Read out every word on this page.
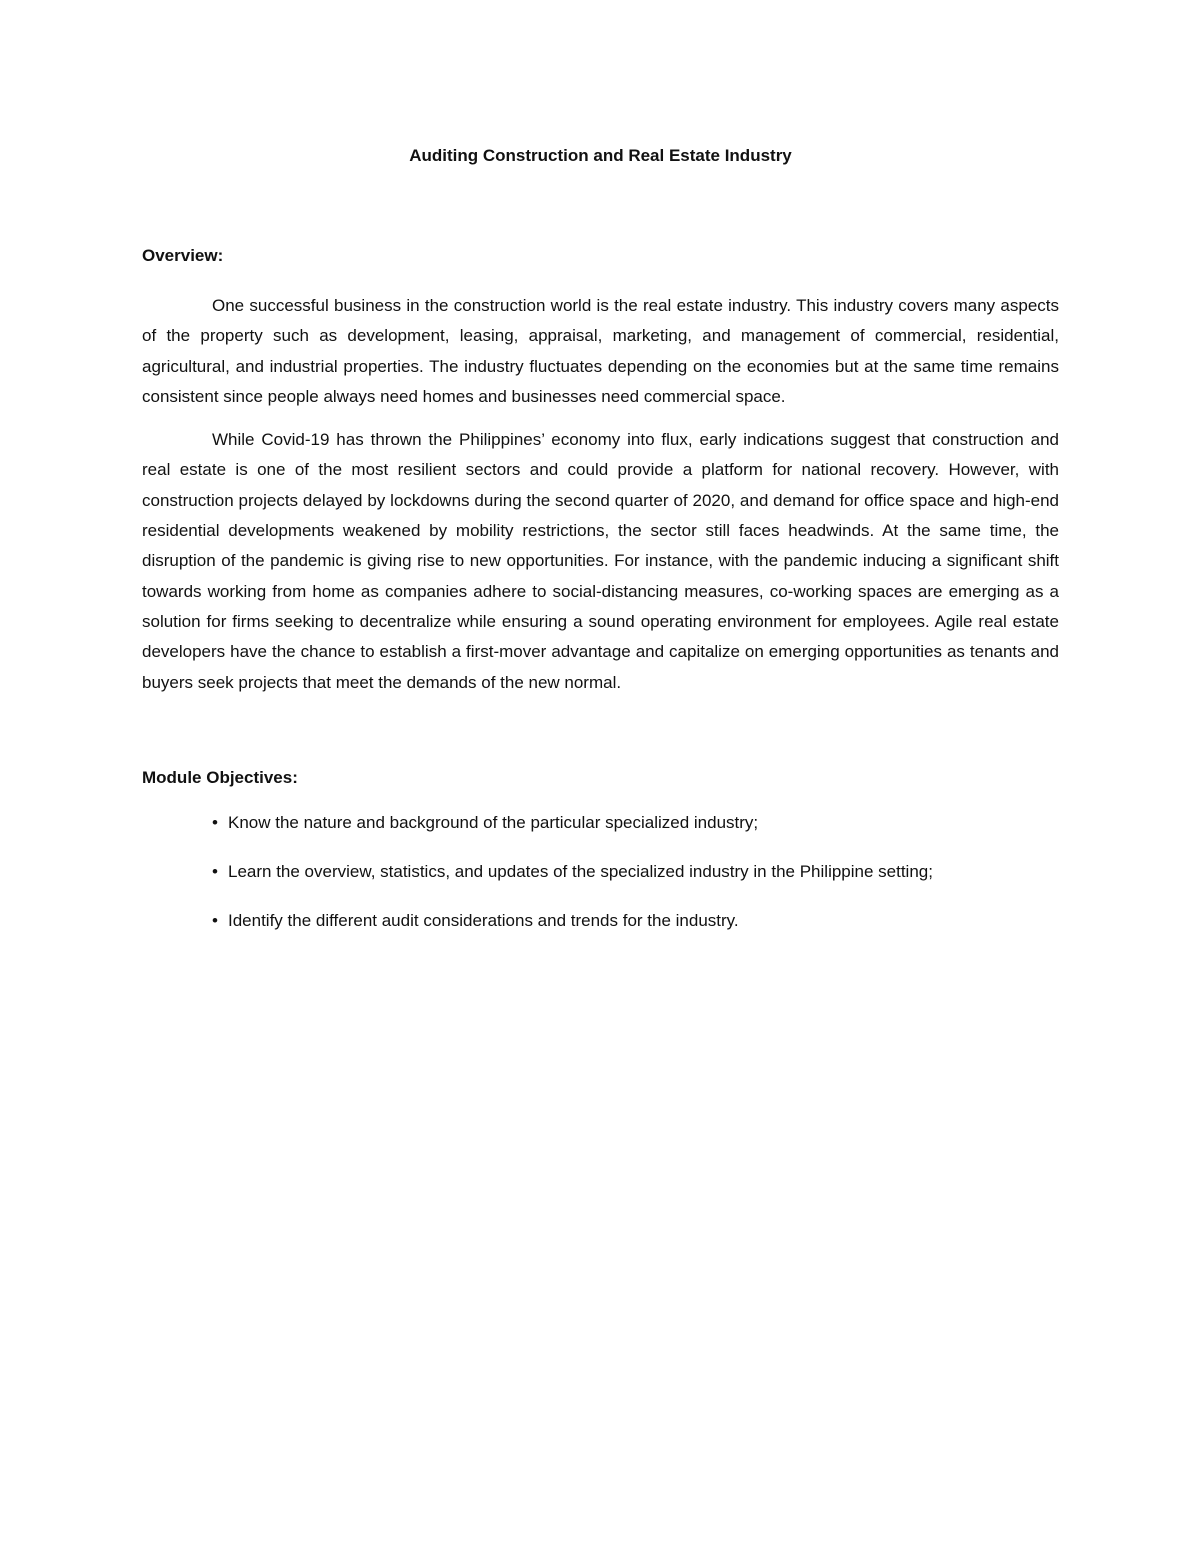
Auditing Construction and Real Estate Industry
Overview:

One successful business in the construction world is the real estate industry. This industry covers many aspects of the property such as development, leasing, appraisal, marketing, and management of commercial, residential, agricultural, and industrial properties. The industry fluctuates depending on the economies but at the same time remains consistent since people always need homes and businesses need commercial space.

While Covid-19 has thrown the Philippines’ economy into flux, early indications suggest that construction and real estate is one of the most resilient sectors and could provide a platform for national recovery. However, with construction projects delayed by lockdowns during the second quarter of 2020, and demand for office space and high-end residential developments weakened by mobility restrictions, the sector still faces headwinds. At the same time, the disruption of the pandemic is giving rise to new opportunities. For instance, with the pandemic inducing a significant shift towards working from home as companies adhere to social-distancing measures, co-working spaces are emerging as a solution for firms seeking to decentralize while ensuring a sound operating environment for employees. Agile real estate developers have the chance to establish a first-mover advantage and capitalize on emerging opportunities as tenants and buyers seek projects that meet the demands of the new normal.

Module Objectives:
• Know the nature and background of the particular specialized industry;
• Learn the overview, statistics, and updates of the specialized industry in the Philippine setting;
• Identify the different audit considerations and trends for the industry.
